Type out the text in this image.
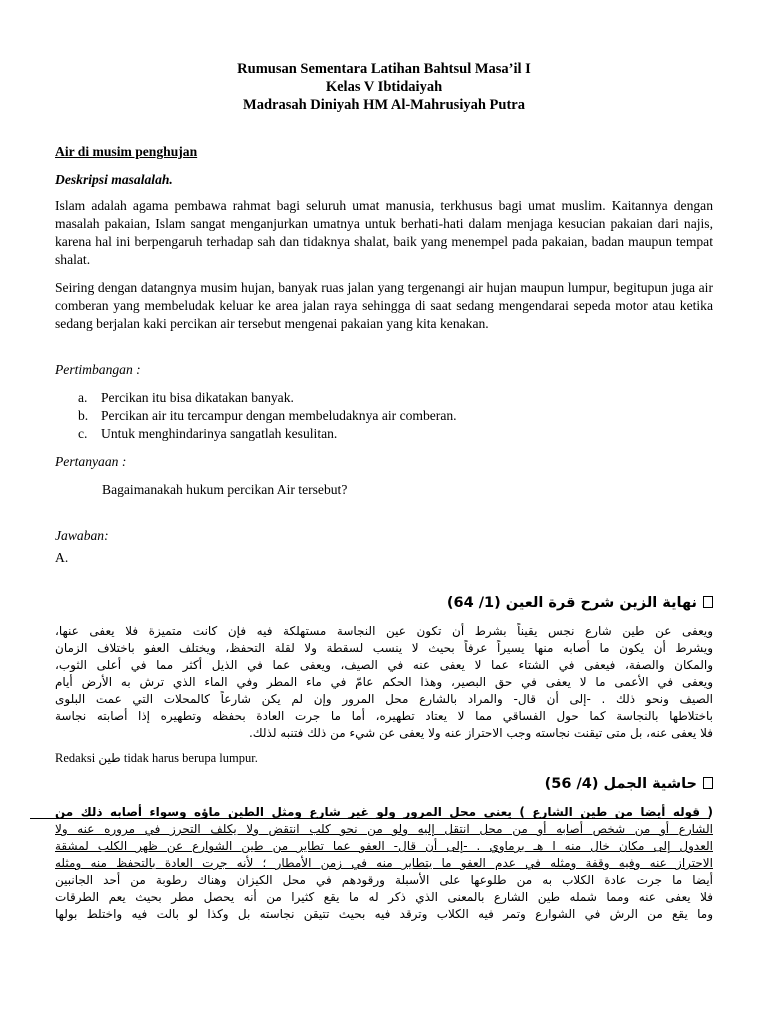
Rumusan Sementara Latihan Bahtsul Masa’il I
Kelas V Ibtidaiyah
Madrasah Diniyah HM Al-Mahrusiyah Putra
Air di musim penghujan
Deskripsi masalalah.
Islam adalah agama pembawa rahmat bagi seluruh umat manusia, terkhusus bagi umat muslim. Kaitannya dengan masalah pakaian, Islam sangat menganjurkan umatnya untuk berhati-hati dalam menjaga kesucian pakaian dari najis, karena hal ini berpengaruh terhadap sah dan tidaknya shalat, baik yang menempel pada pakaian, badan maupun tempat shalat.
Seiring dengan datangnya musim hujan, banyak ruas jalan yang tergenangi air hujan maupun lumpur, begitupun juga air comberan yang membeludak keluar ke area jalan raya sehingga di saat sedang mengendarai sepeda motor atau ketika sedang berjalan kaki percikan air tersebut mengenai pakaian yang kita kenakan.
Pertimbangan :
a. Percikan itu bisa dikatakan banyak.
b. Percikan air itu tercampur dengan membeludaknya air comberan.
c. Untuk menghindarinya sangatlah kesulitan.
Pertanyaan :
Bagaimanakah hukum percikan Air tersebut?
Jawaban:
A.
نهاية الزين شرح قرة العين (1/ 64)
ويعفى عن طين شارع نجس يقيناً بشرط أن تكون عين النجاسة مستهلكة فيه فإن كانت متميزة فلا يعفى عنها،
ويشرط أن يكون ما أصابه منها يسيراً عرفاً بحيث لا ينسب لسقطة ولا لقلة التحفظ، ويختلف العفو باختلاف الزمان
والمكان والصفة، فيعفى في الشتاء عما لا يعفى عنه في الصيف، ويعفى عما في الذيل أكثر مما في أعلى الثوب،
ويعفى في الأعمى ما لا يعفى في حق البصير، وهذا الحكم عامّ في ماء المطر وفي الماء الذي ترش به الأرض أيام
الصيف ونحو ذلك . -إلى أن قال- والمراد بالشارع محل المرور وإن لم يكن شارعاً كالمحلات التي عمت البلوى
باختلاطها بالنجاسة كما حول الفساقي مما لا يعتاد تطهيره، أما ما جرت العادة بحفظه وتطهيره إذا أصابته نجاسة
فلا يعفى عنه، بل متى تيقنت نجاسته وجب الاحتراز عنه ولا يعفى عن شيء من ذلك فتنبه لذلك.
Redaksi طين tidak harus berupa lumpur.
حاشية الجمل (4/ 56)
( قوله أيضا من طين الشارع ) يعني محل المرور ولو غير شارع ومثل الطين ماؤه وسواء أصابه ذلك من
الشارع أو من شخص أصابه أو من محل انتقل إليه ولو من نحو كلب انتقض ولا يكلف التحرز في مروره عنه ولا
العدول إلى مكان خال منه ا هـ برماوي . -إلى أن قال- العفو عما تطاير من طين الشوارع عن ظهر الكلب لمشقة
الاحتراز عنه وفيه وقفة ومثله في عدم العفو ما يتطاير منه في زمن الأمطار ؛ لأنه جرت العادة بالتحفظ منه ومثله
أيضا ما جرت عادة الكلاب به من طلوعها على الأسبلة ورقودهم في محل الكيزان وهناك رطوبة من أحد الجانبين
فلا يعفى عنه ومما شمله طين الشارع بالمعنى الذي ذكر له ما يقع كثيرا من أنه يحصل مطر بحيث يعم الطرقات
وما يقع من الرش في الشوارع وتمر فيه الكلاب وترقد فيه بحيث تتيقن نجاسته بل وكذا لو بالت فيه واختلط بولها
